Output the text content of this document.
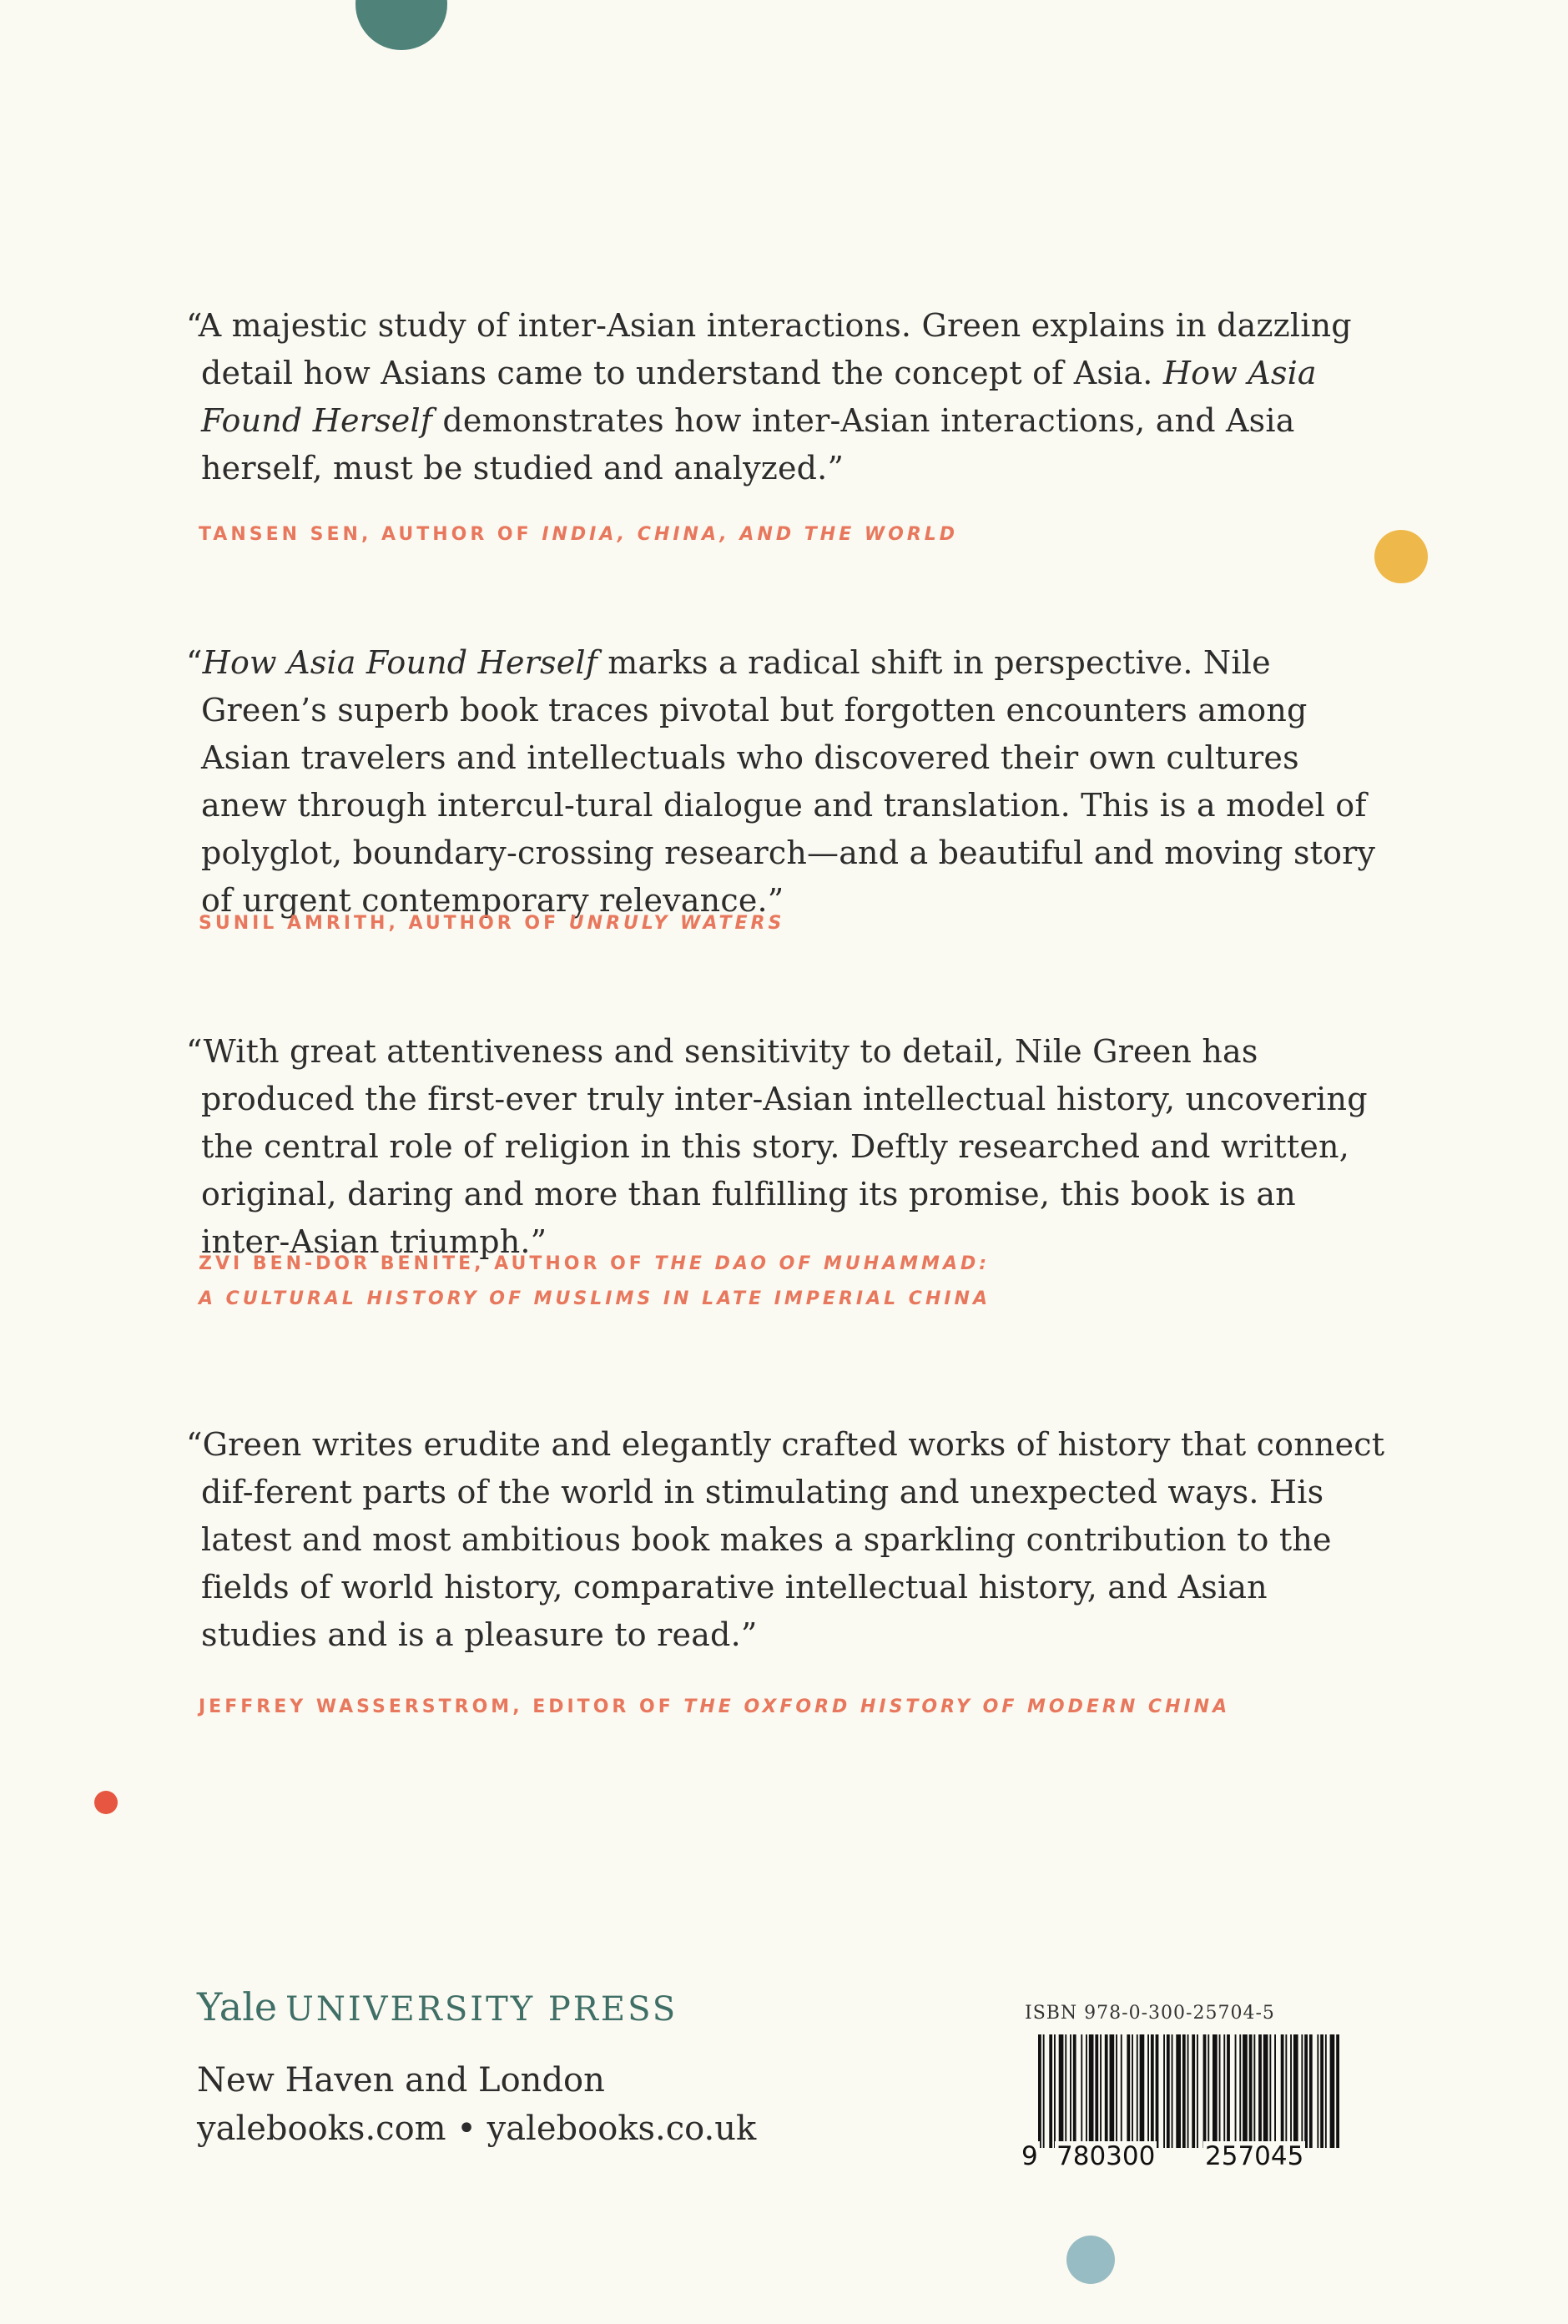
“A majestic study of inter-Asian interactions. Green explains in dazzling detail how Asians came to understand the concept of Asia. How Asia Found Herself demonstrates how inter-Asian interactions, and Asia herself, must be studied and analyzed.”

TANSEN SEN, AUTHOR OF INDIA, CHINA, AND THE WORLD

“How Asia Found Herself marks a radical shift in perspective. Nile Green’s superb book traces pivotal but forgotten encounters among Asian travelers and intellectuals who discovered their own cultures anew through intercul-tural dialogue and translation. This is a model of polyglot, boundary-crossing research—and a beautiful and moving story of urgent contemporary relevance.”

SUNIL AMRITH, AUTHOR OF UNRULY WATERS

“With great attentiveness and sensitivity to detail, Nile Green has produced the first-ever truly inter-Asian intellectual history, uncovering the central role of religion in this story. Deftly researched and written, original, daring and more than fulfilling its promise, this book is an inter-Asian triumph.”

ZVI BEN-DOR BENITE, AUTHOR OF THE DAO OF MUHAMMAD:
A CULTURAL HISTORY OF MUSLIMS IN LATE IMPERIAL CHINA

“Green writes erudite and elegantly crafted works of history that connect dif-ferent parts of the world in stimulating and unexpected ways. His latest and most ambitious book makes a sparkling contribution to the fields of world history, comparative intellectual history, and Asian studies and is a pleasure to read.”

JEFFREY WASSERSTROM, EDITOR OF THE OXFORD HISTORY OF MODERN CHINA
Yale UNIVERSITY PRESS
New Haven and London
yalebooks.com • yalebooks.co.uk
ISBN 978-0-300-25704-5
9 780300 257045
